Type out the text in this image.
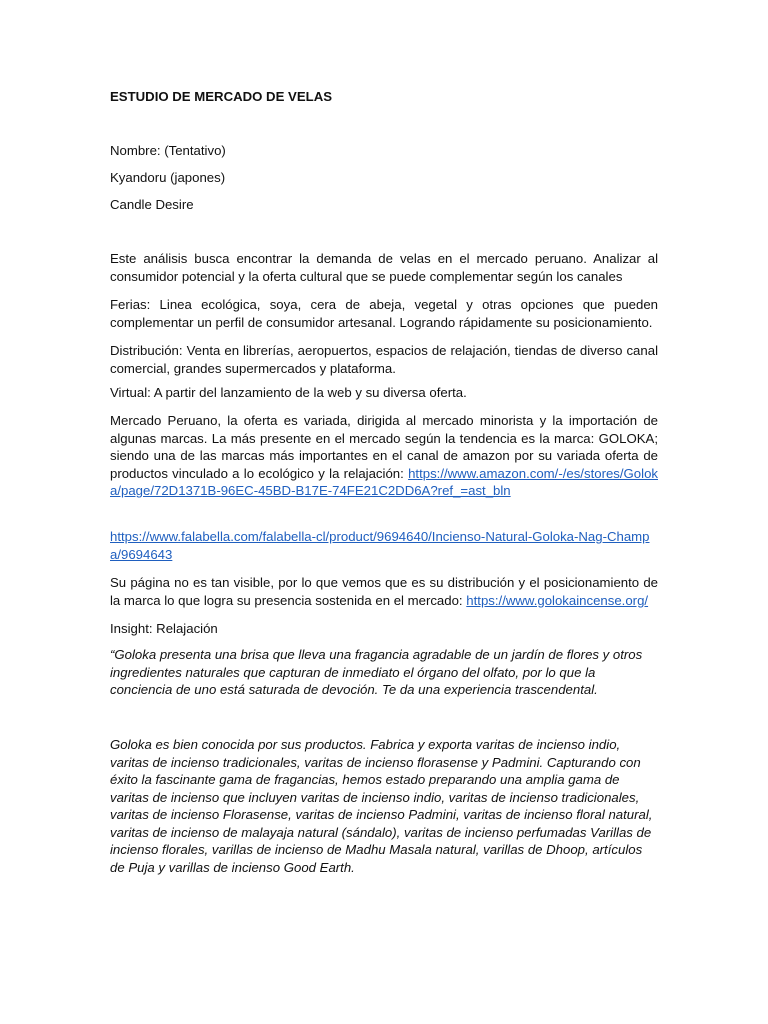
ESTUDIO DE MERCADO DE VELAS

Nombre: (Tentativo)

Kyandoru (japones)

Candle Desire

Este análisis busca encontrar la demanda de velas en el mercado peruano. Analizar al consumidor potencial y la oferta cultural que se puede complementar según los canales

Ferias: Linea ecológica, soya, cera de abeja, vegetal y otras opciones que pueden complementar un perfil de consumidor artesanal. Logrando rápidamente su posicionamiento.

Distribución: Venta en librerías, aeropuertos, espacios de relajación, tiendas de diverso canal comercial, grandes supermercados y plataforma.

Virtual: A partir del lanzamiento de la web y su diversa oferta.

Mercado Peruano, la oferta es variada, dirigida al mercado minorista y la importación de algunas marcas. La más presente en el mercado según la tendencia es la marca: GOLOKA; siendo una de las marcas más importantes en el canal de amazon por su variada oferta de productos vinculado a lo ecológico y la relajación: https://www.amazon.com/-/es/stores/Goloka/page/72D1371B-96EC-45BD-B17E-74FE21C2DD6A?ref_=ast_bln

https://www.falabella.com/falabella-cl/product/9694640/Incienso-Natural-Goloka-Nag-Champa/9694643

Su página no es tan visible, por lo que vemos que es su distribución y el posicionamiento de la marca lo que logra su presencia sostenida en el mercado: https://www.golokaincense.org/

Insight: Relajación

“Goloka presenta una brisa que lleva una fragancia agradable de un jardín de flores y otros ingredientes naturales que capturan de inmediato el órgano del olfato, por lo que la conciencia de uno está saturada de devoción. Te da una experiencia trascendental.

Goloka es bien conocida por sus productos. Fabrica y exporta varitas de incienso indio, varitas de incienso tradicionales, varitas de incienso florasense y Padmini. Capturando con éxito la fascinante gama de fragancias, hemos estado preparando una amplia gama de varitas de incienso que incluyen varitas de incienso indio, varitas de incienso tradicionales, varitas de incienso Florasense, varitas de incienso Padmini, varitas de incienso floral natural, varitas de incienso de malayaja natural (sándalo), varitas de incienso perfumadas Varillas de incienso florales, varillas de incienso de Madhu Masala natural, varillas de Dhoop, artículos de Puja y varillas de incienso Good Earth.
